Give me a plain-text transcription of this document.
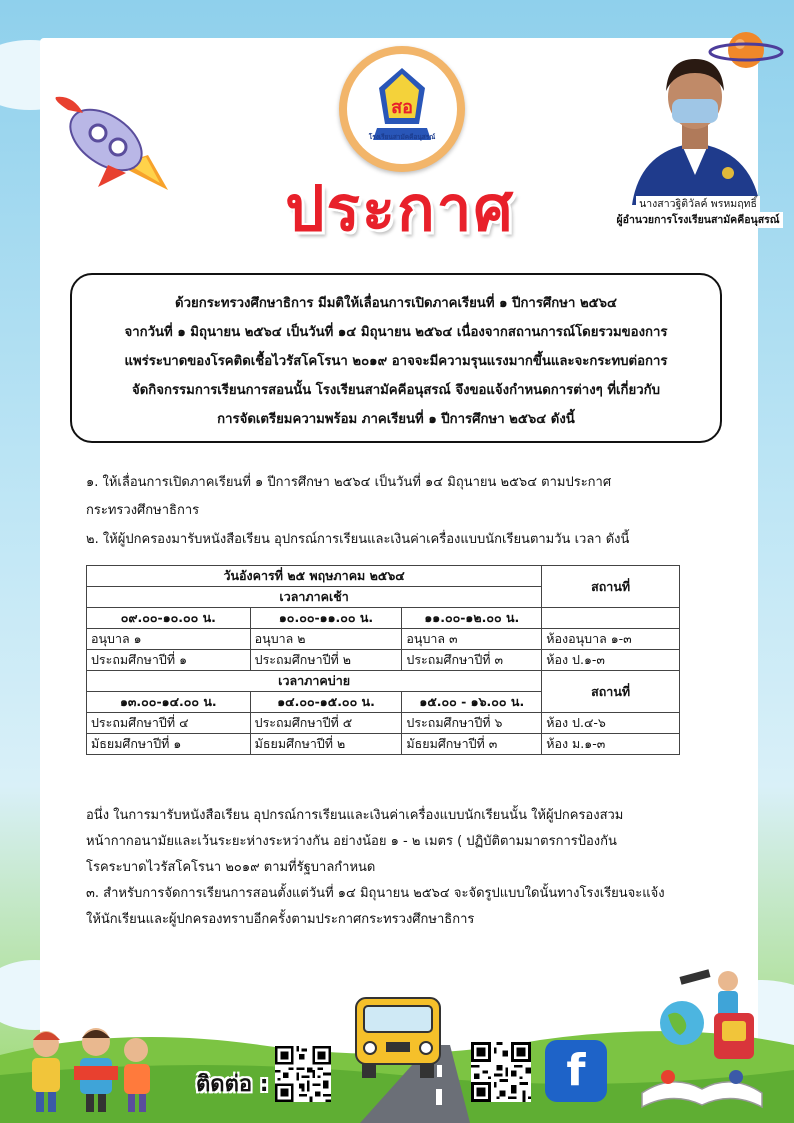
โรงเรียนสามัคคีอนุสรณ์
สอ
นางสาวฐิติวัลค์ พรหมฤทธิ์
ผู้อำนวยการโรงเรียนสามัคคีอนุสรณ์
ประกาศ

ด้วยกระทรวงศึกษาธิการ มีมติให้เลื่อนการเปิดภาคเรียนที่ ๑ ปีการศึกษา ๒๕๖๔

จากวันที่ ๑ มิถุนายน ๒๕๖๔ เป็นวันที่ ๑๔ มิถุนายน ๒๕๖๔ เนื่องจากสถานการณ์โดยรวมของการ

แพร่ระบาดของโรคติดเชื้อไวรัสโคโรนา ๒๐๑๙ อาจจะมีความรุนแรงมากขึ้นและจะกระทบต่อการ

จัดกิจกรรมการเรียนการสอนนั้น โรงเรียนสามัคคีอนุสรณ์ จึงขอแจ้งกำหนดการต่างๆ ที่เกี่ยวกับ

การจัดเตรียมความพร้อม ภาคเรียนที่ ๑ ปีการศึกษา ๒๕๖๔ ดังนี้

๑. ให้เลื่อนการเปิดภาคเรียนที่ ๑ ปีการศึกษา ๒๕๖๔ เป็นวันที่ ๑๔ มิถุนายน ๒๕๖๔ ตามประกาศ
กระทรวงศึกษาธิการ
๒. ให้ผู้ปกครองมารับหนังสือเรียน อุปกรณ์การเรียนและเงินค่าเครื่องแบบนักเรียนตามวัน เวลา ดังนี้
วันอังคารที่ ๒๕ พฤษภาคม ๒๕๖๔			สถานที่
เวลาภาคเช้า			
๐๙.๐๐-๑๐.๐๐ น.	๑๐.๐๐-๑๑.๐๐ น.	๑๑.๐๐-๑๒.๐๐ น.	
อนุบาล ๑	อนุบาล ๒	อนุบาล ๓	ห้องอนุบาล ๑-๓
ประถมศึกษาปีที่ ๑	ประถมศึกษาปีที่ ๒	ประถมศึกษาปีที่ ๓	ห้อง ป.๑-๓
เวลาภาคบ่าย			สถานที่
๑๓.๐๐-๑๔.๐๐ น.	๑๔.๐๐-๑๕.๐๐ น.	๑๕.๐๐ - ๑๖.๐๐ น.	
ประถมศึกษาปีที่ ๔	ประถมศึกษาปีที่ ๕	ประถมศึกษาปีที่ ๖	ห้อง ป.๔-๖
มัธยมศึกษาปีที่ ๑	มัธยมศึกษาปีที่ ๒	มัธยมศึกษาปีที่ ๓	ห้อง ม.๑-๓

อนึ่ง ในการมารับหนังสือเรียน อุปกรณ์การเรียนและเงินค่าเครื่องแบบนักเรียนนั้น ให้ผู้ปกครองสวม

หน้ากากอนามัยและเว้นระยะห่างระหว่างกัน อย่างน้อย ๑ - ๒ เมตร ( ปฏิบัติตามมาตรการป้องกัน

โรคระบาดไวรัสโคโรนา ๒๐๑๙ ตามที่รัฐบาลกำหนด

๓. สำหรับการจัดการเรียนการสอนตั้งแต่วันที่ ๑๔ มิถุนายน ๒๕๖๔ จะจัดรูปแบบใดนั้นทางโรงเรียนจะแจ้ง

ให้นักเรียนและผู้ปกครองทราบอีกครั้งตามประกาศกระทรวงศึกษาธิการ

ติดต่อ :	f
